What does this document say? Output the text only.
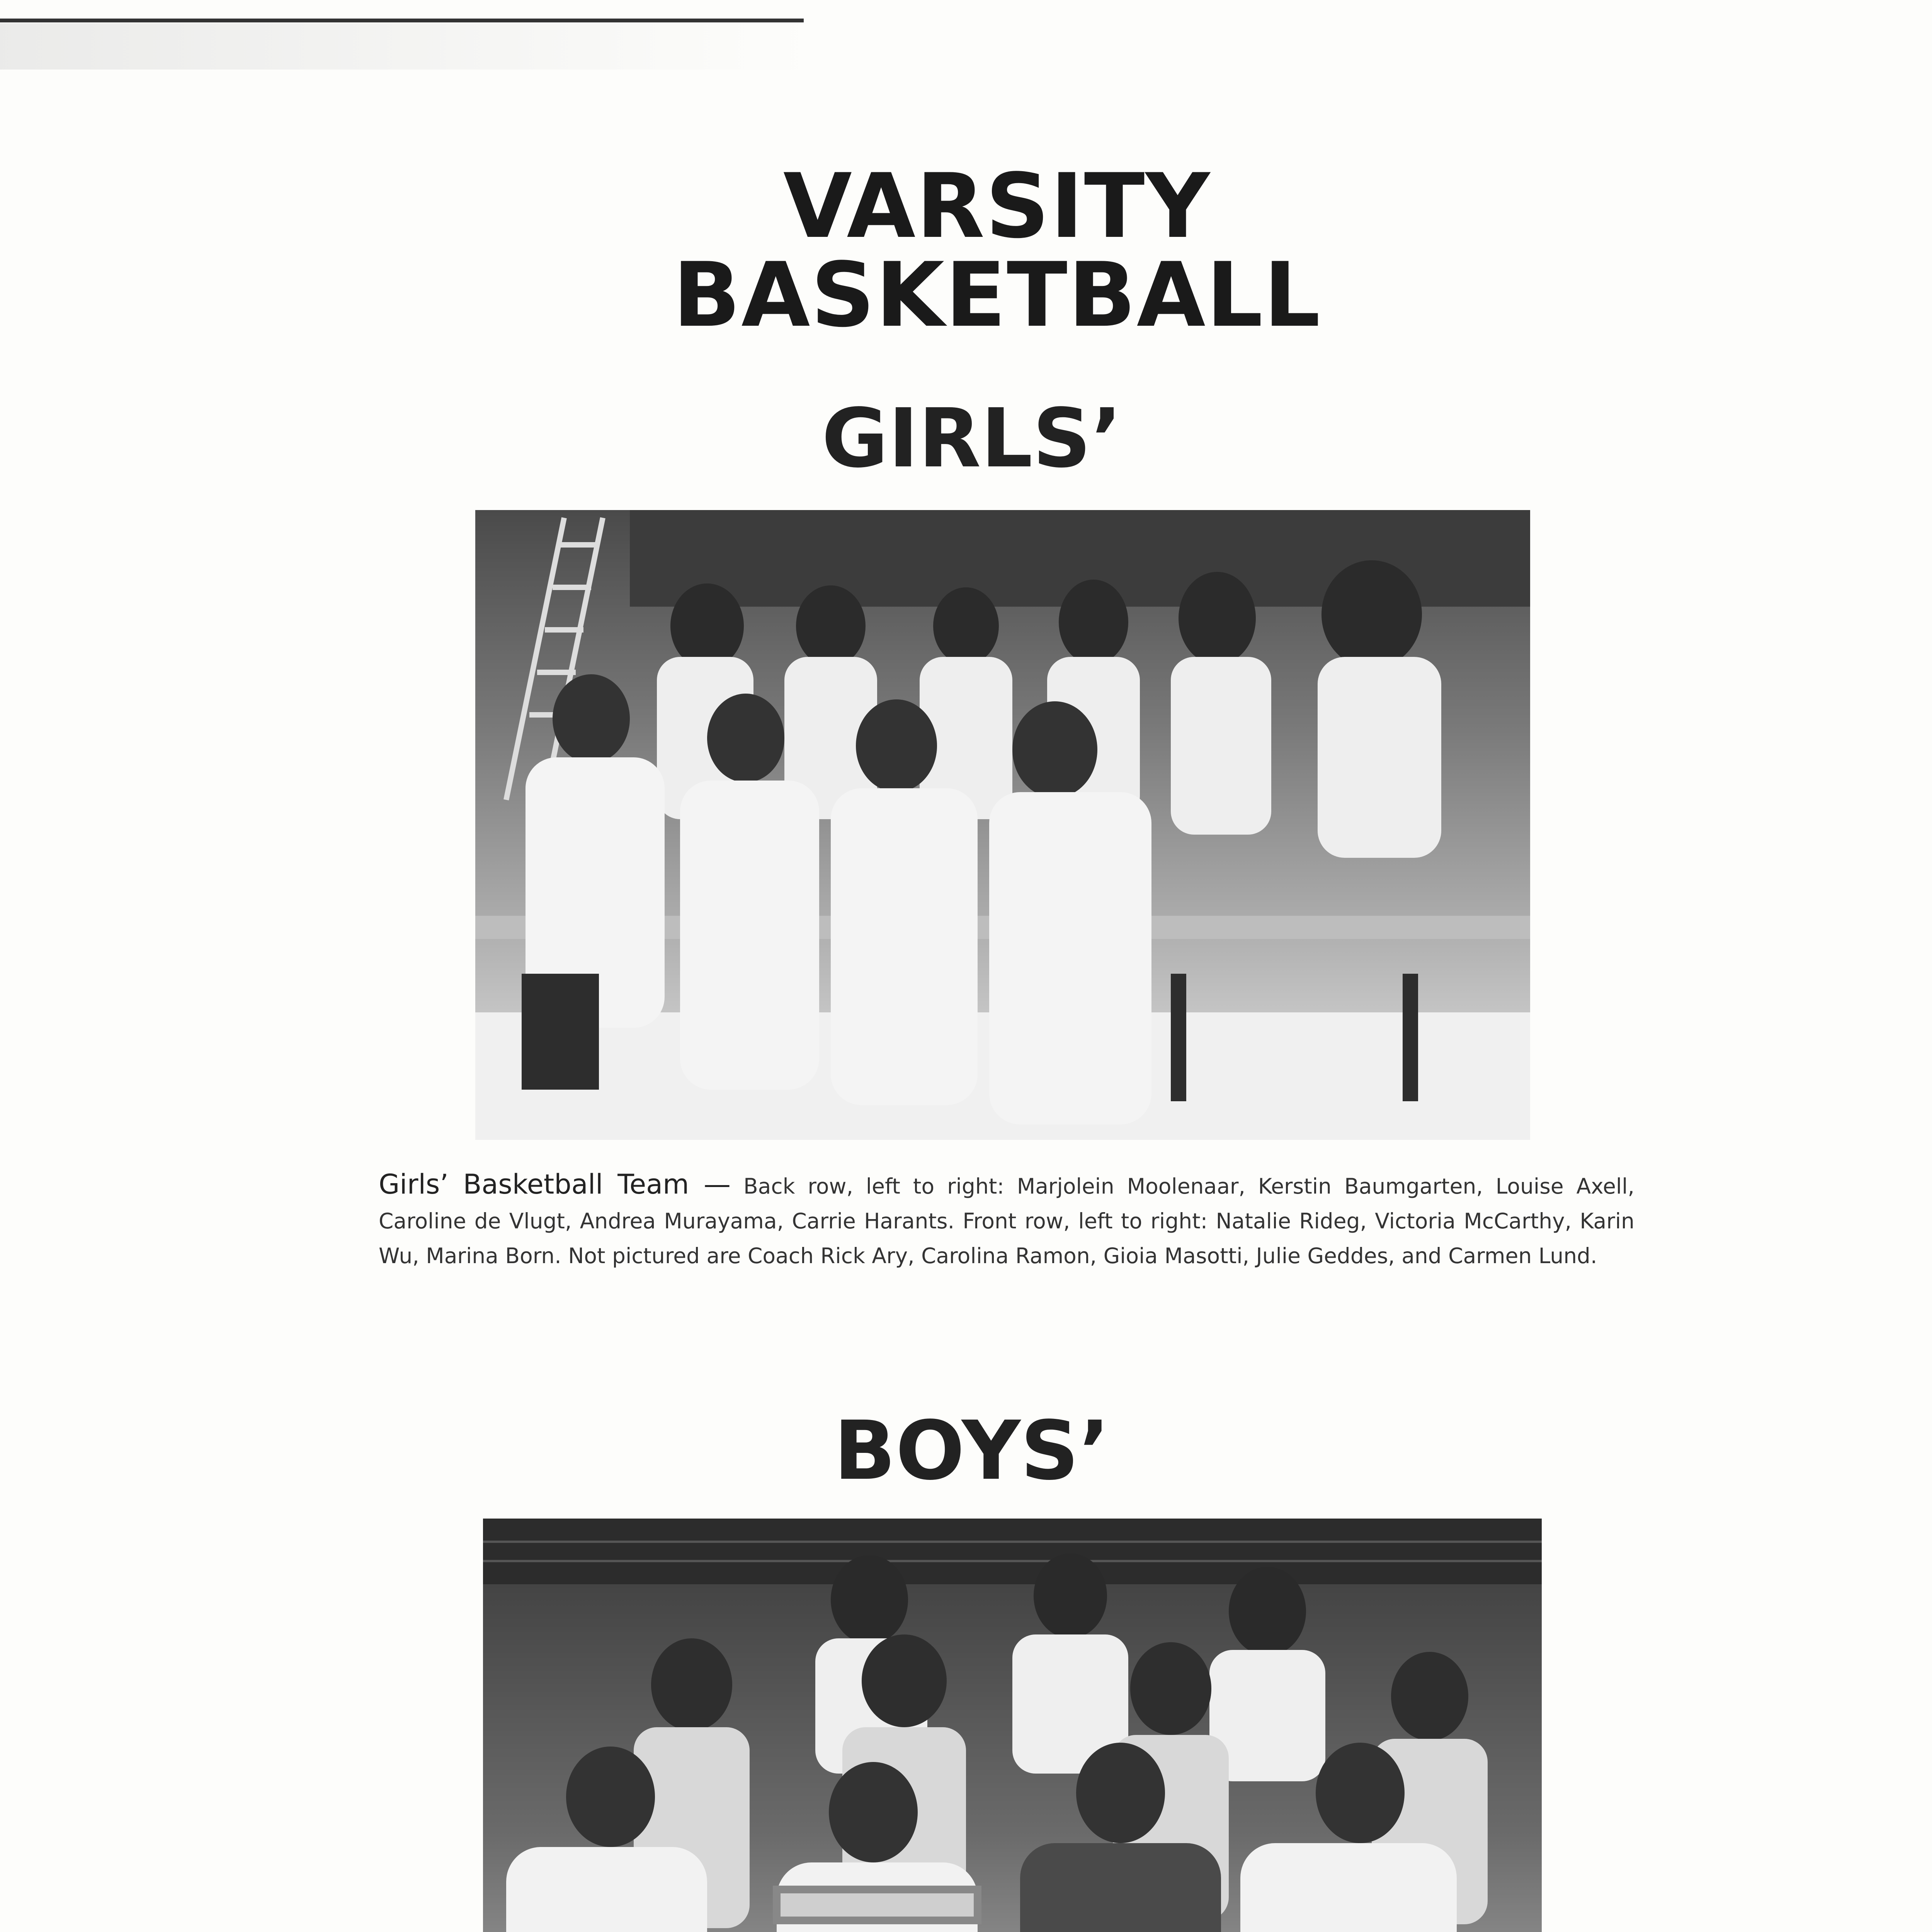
VARSITY BASKETBALL
GIRLS’
Girls’ Basketball Team — Back row, left to right: Marjolein Moolenaar, Kerstin Baumgarten, Louise Axell, Caroline de Vlugt, Andrea Murayama, Carrie Harants. Front row, left to right: Natalie Rideg, Victoria McCarthy, Karin Wu, Marina Born. Not pictured are Coach Rick Ary, Carolina Ramon, Gioia Masotti, Julie Geddes, and Carmen Lund.
BOYS’
